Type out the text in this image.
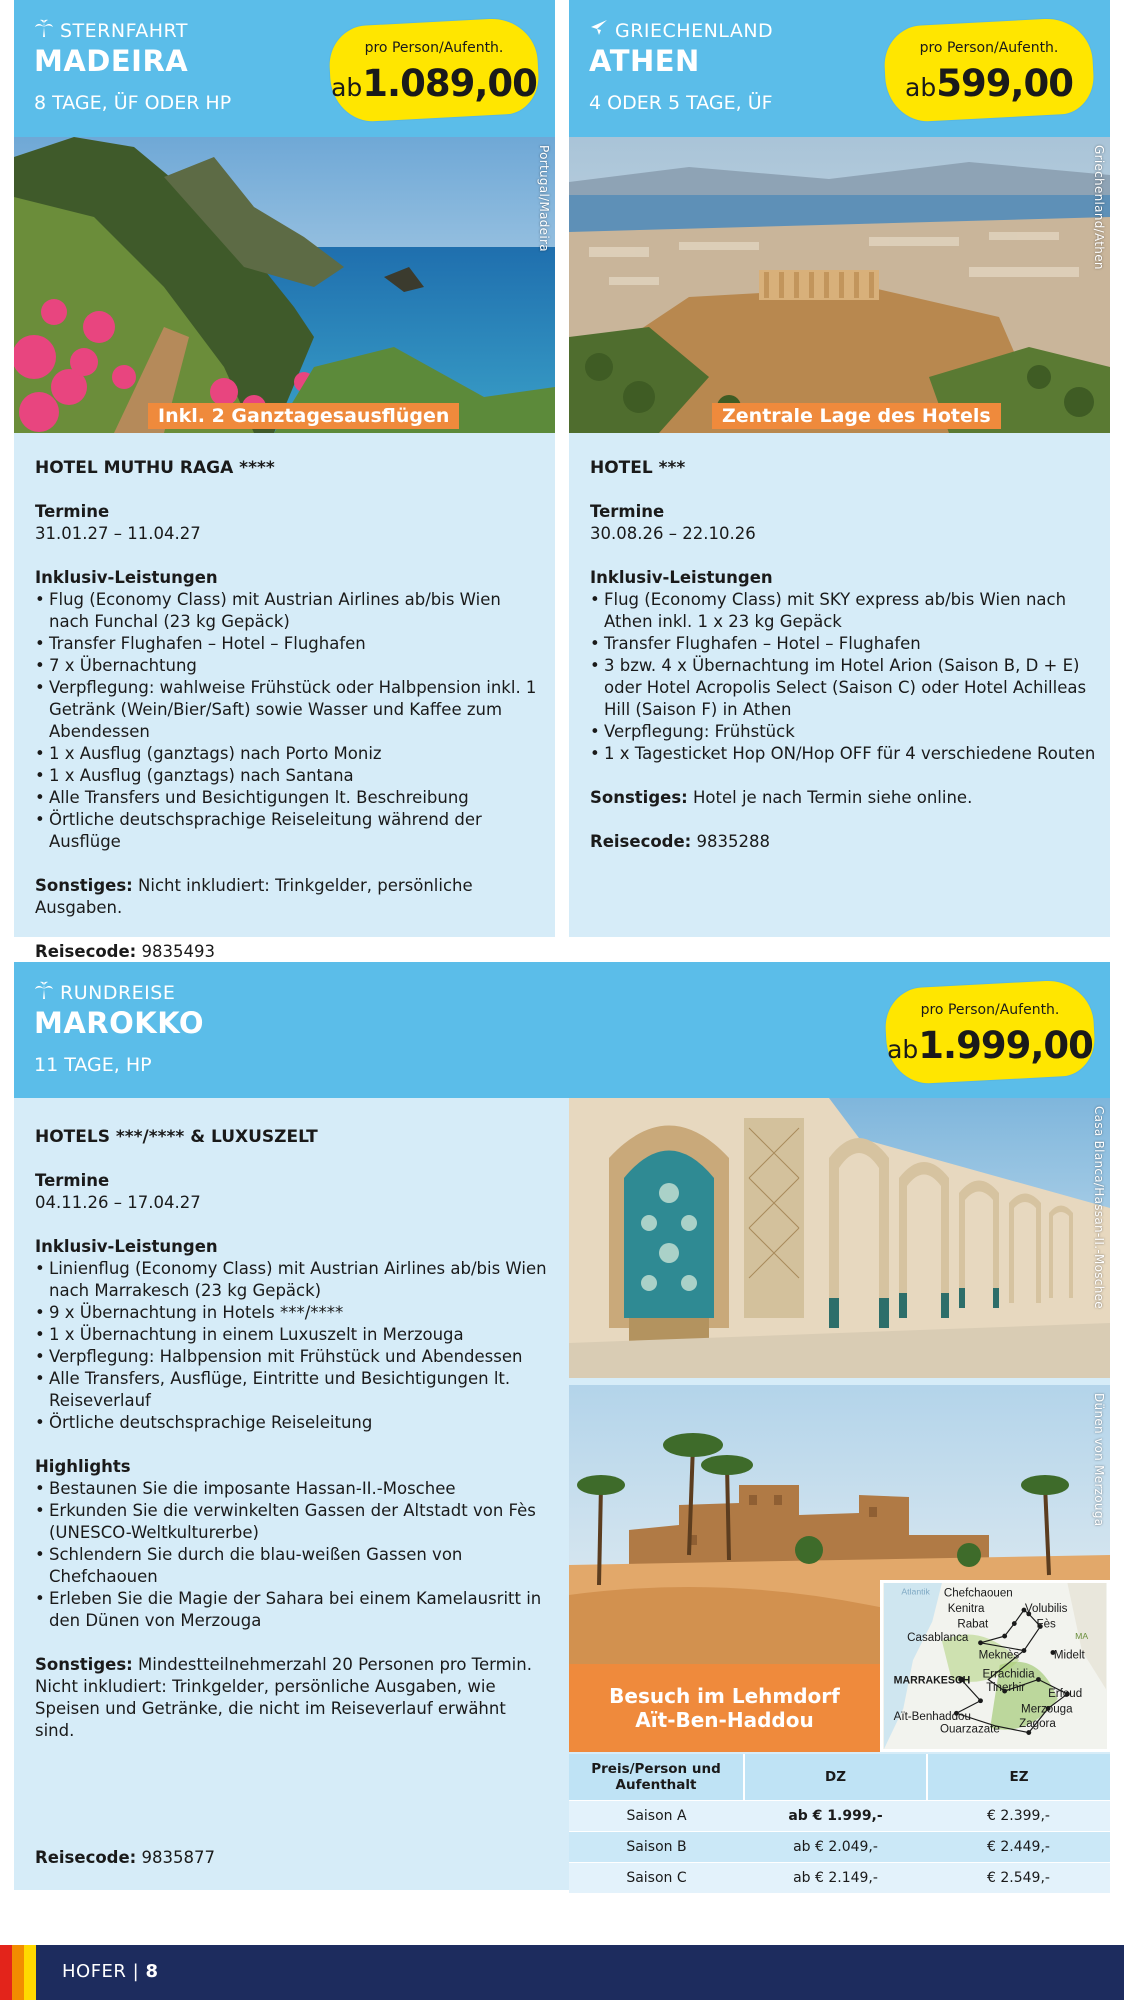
STERNFAHRT
MADEIRA
8 TAGE, ÜF ODER HP
pro Person/Aufenth.
ab1.089,00
Portugal/Madeira
Inkl. 2 Ganztagesausflügen
HOTEL MUTHU RAGA ****
Termine
31.01.27 – 11.04.27
Inklusiv-Leistungen
• Flug (Economy Class) mit Austrian Airlines ab/bis Wien nach Funchal (23 kg Gepäck)
• Transfer Flughafen – Hotel – Flughafen
• 7 x Übernachtung
• Verpflegung: wahlweise Frühstück oder Halbpension inkl. 1 Getränk (Wein/Bier/Saft) sowie Wasser und Kaffee zum Abendessen
• 1 x Ausflug (ganztags) nach Porto Moniz
• 1 x Ausflug (ganztags) nach Santana
• Alle Transfers und Besichtigungen lt. Beschreibung
• Örtliche deutschsprachige Reiseleitung während der Ausflüge
Sonstiges: Nicht inkludiert: Trinkgelder, persönliche Ausgaben.
Reisecode: 9835493
GRIECHENLAND
ATHEN
4 ODER 5 TAGE, ÜF
pro Person/Aufenth.
ab599,00
Griechenland/Athen
Zentrale Lage des Hotels
HOTEL ***
Termine
30.08.26 – 22.10.26
Inklusiv-Leistungen
• Flug (Economy Class) mit SKY express ab/bis Wien nach Athen inkl. 1 x 23 kg Gepäck
• Transfer Flughafen – Hotel – Flughafen
• 3 bzw. 4 x Übernachtung im Hotel Arion (Saison B, D + E) oder Hotel Acropolis Select (Saison C) oder Hotel Achilleas Hill (Saison F) in Athen
• Verpflegung: Frühstück
• 1 x Tagesticket Hop ON/Hop OFF für 4 verschiedene Routen
Sonstiges: Hotel je nach Termin siehe online.
Reisecode: 9835288
RUNDREISE
MAROKKO
11 TAGE, HP
pro Person/Aufenth.
ab1.999,00
Casa Blanca/Hassan-II.-Moschee
Dünen von Merzouga
Besuch im Lehmdorf
Aït-Ben-Haddou
Atlantik
MA
Chefchaouen
Kenitra	Volubilis
Rabat	Fès
Casablanca
Meknès	Midelt
MARRAKESCH Errachidia
Tinerhir Erfoud
Merzouga
Aït-Benhaddou
Ouarzazate Zagora
Preis/Person und Aufenthalt	DZ	EZ
Saison A	ab € 1.999,-	€ 2.399,-
Saison B	ab € 2.049,-	€ 2.449,-
Saison C	ab € 2.149,-	€ 2.549,-
HOTELS ***/**** & LUXUSZELT
Termine
04.11.26 – 17.04.27
Inklusiv-Leistungen
• Linienflug (Economy Class) mit Austrian Airlines ab/bis Wien nach Marrakesch (23 kg Gepäck)
• 9 x Übernachtung in Hotels ***/****
• 1 x Übernachtung in einem Luxuszelt in Merzouga
• Verpflegung: Halbpension mit Frühstück und Abendessen
• Alle Transfers, Ausflüge, Eintritte und Besichtigungen lt. Reiseverlauf
• Örtliche deutschsprachige Reiseleitung
Highlights
• Bestaunen Sie die imposante Hassan-II.-Moschee
• Erkunden Sie die verwinkelten Gassen der Altstadt von Fès (UNESCO-Weltkulturerbe)
• Schlendern Sie durch die blau-weißen Gassen von Chefchaouen
• Erleben Sie die Magie der Sahara bei einem Kamelausritt in den Dünen von Merzouga
Sonstiges: Mindestteilnehmerzahl 20 Personen pro Termin. Nicht inkludiert: Trinkgelder, persönliche Ausgaben, wie Speisen und Getränke, die nicht im Reiseverlauf erwähnt sind.
Reisecode: 9835877
HOFER | 8
